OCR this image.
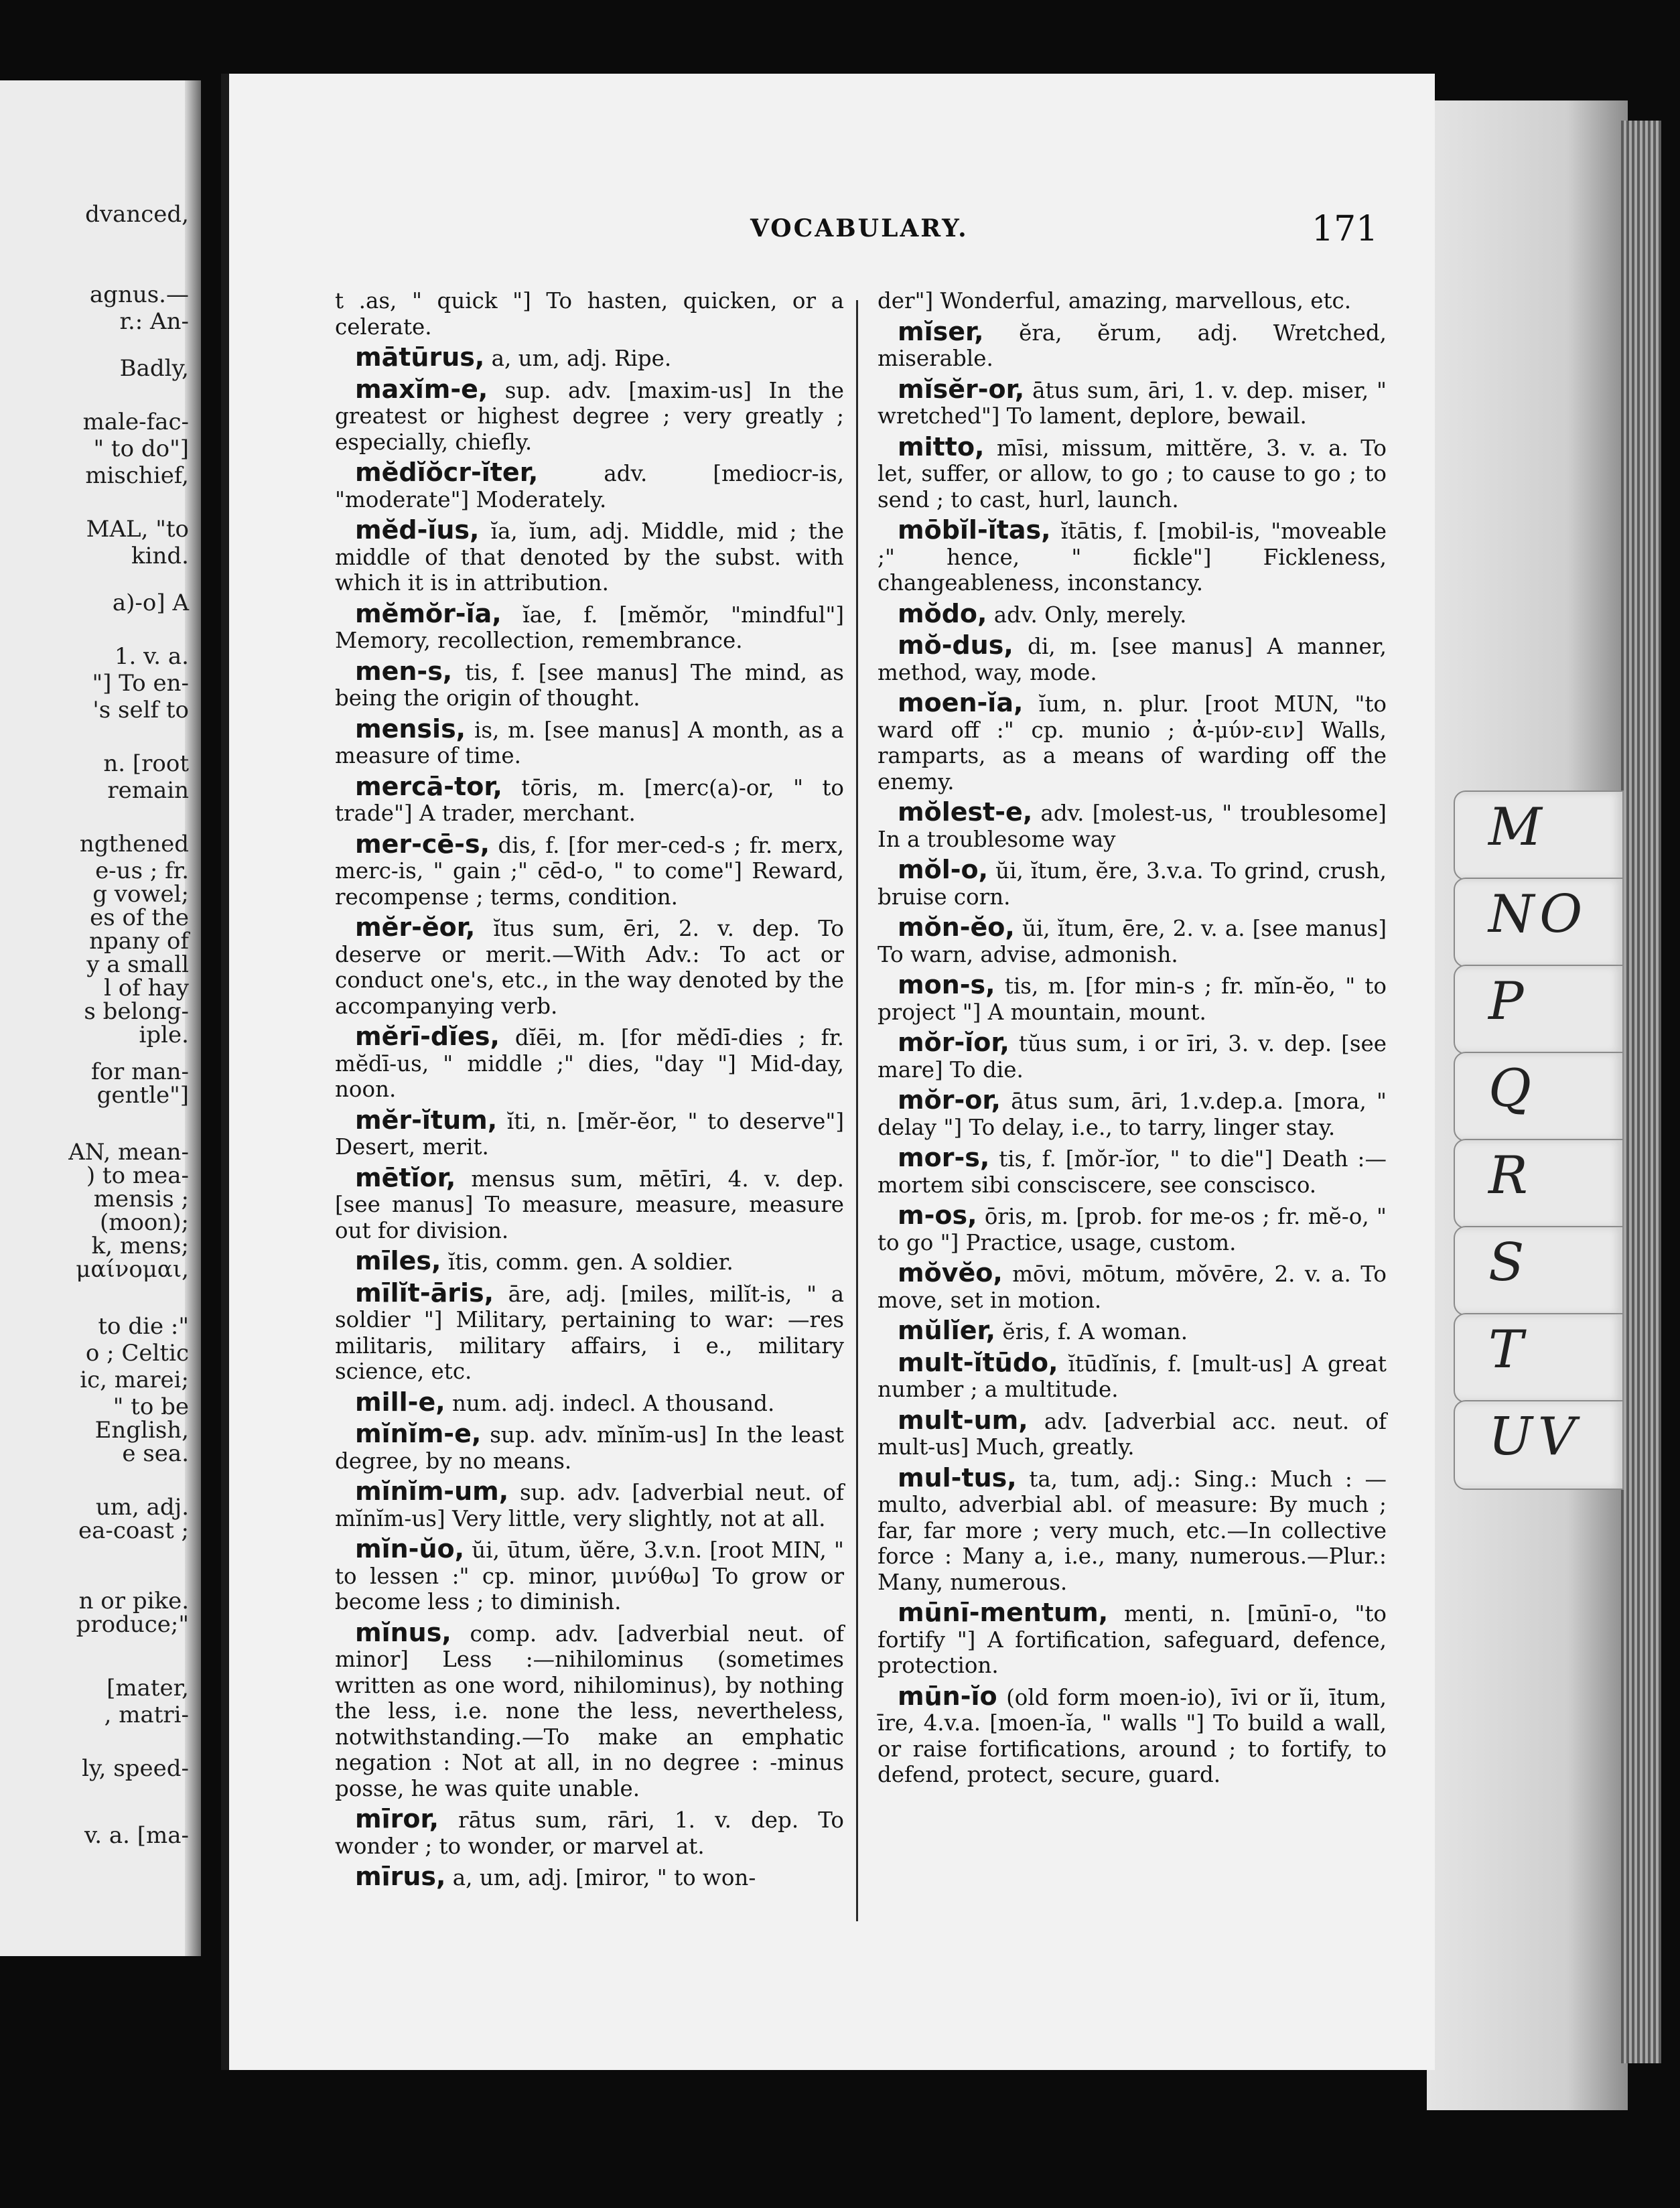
dvanced,
agnus.—
r.: An-
Badly,
male-fac-
" to do"]
mischief,
MAL, "to
kind.
a)-o] A
1. v. a.
"] To en-
's self to
n. [root
remain
ngthened
e-us ; fr.
g vowel;
es of the
npany of
y a small
l of hay
s belong-
iple.
for man-
gentle"]
AN, mean-
) to mea-
mensis ;
(moon);
k, mens;
μαίνομαι,
to die :"
o ; Celtic
ic, marei;
" to be
English,
e sea.
um, adj.
ea-coast ;
n or pike.
produce;"
[mater,
, matri-
ly, speed-
v. a. [ma-
M
NO
P
Q
R
S
T
UV
VOCABULARY.	171
t .as, " quick "] To hasten, quicken, or a celerate.
mātūrus, a, um, adj. Ripe.
maxĭm-e, sup. adv. [maxim-us] In the greatest or highest degree ; very greatly ; especially, chiefly.
mĕdĭŏcr-ĭter, adv. [mediocr-is, "moderate"] Moderately.
mĕd-ĭus, ĭa, ĭum, adj. Middle, mid ; the middle of that denoted by the subst. with which it is in attribution.
mĕmŏr-ĭa, ĭae, f. [mĕmŏr, "mindful"] Memory, recollection, remembrance.
men-s, tis, f. [see manus] The mind, as being the origin of thought.
mensis, is, m. [see manus] A month, as a measure of time.
mercā-tor, tōris, m. [merc(a)-or, " to trade"] A trader, merchant.
mer-cē-s, dis, f. [for mer-ced-s ; fr. merx, merc-is, " gain ;" cēd-o, " to come"] Reward, recompense ; terms, condition.
mĕr-ĕor, ĭtus sum, ēri, 2. v. dep. To deserve or merit.—With Adv.: To act or conduct one's, etc., in the way denoted by the accompanying verb.
mĕrī-dĭes, dĭēi, m. [for mĕdī-dies ; fr. mĕdī-us, " middle ;" dies, "day "] Mid-day, noon.
mĕr-ĭtum, ĭti, n. [mĕr-ĕor, " to deserve"] Desert, merit.
mētĭor, mensus sum, mētīri, 4. v. dep. [see manus] To measure, measure, measure out for division.
mīles, ĭtis, comm. gen. A soldier.
mīlĭt-āris, āre, adj. [miles, milĭt-is, " a soldier "] Military, pertaining to war: —res militaris, military affairs, i e., military science, etc.
mill-e, num. adj. indecl. A thousand.
mĭnĭm-e, sup. adv. mĭnĭm-us] In the least degree, by no means.
mĭnĭm-um, sup. adv. [adverbial neut. of mĭnĭm-us] Very little, very slightly, not at all.
mĭn-ŭo, ŭi, ūtum, ŭĕre, 3.v.n. [root MIN, " to lessen :" cp. minor, μινύθω] To grow or become less ; to diminish.
mĭnus, comp. adv. [adverbial neut. of minor] Less :—nihilominus (sometimes written as one word, nihilominus), by nothing the less, i.e. none the less, nevertheless, notwithstanding.—To make an emphatic negation : Not at all, in no degree : -minus posse, he was quite unable.
mīror, rātus sum, rāri, 1. v. dep. To wonder ; to wonder, or marvel at.
mīrus, a, um, adj. [miror, " to won-
der"] Wonderful, amazing, marvellous, etc.
mĭser, ĕra, ĕrum, adj. Wretched, miserable.
mĭsĕr-or, ātus sum, āri, 1. v. dep. miser, " wretched"] To lament, deplore, bewail.
mitto, mīsi, missum, mittĕre, 3. v. a. To let, suffer, or allow, to go ; to cause to go ; to send ; to cast, hurl, launch.
mōbĭl-ĭtas, ĭtātis, f. [mobil-is, "moveable ;" hence, " fickle"] Fickleness, changeableness, inconstancy.
mŏdo, adv. Only, merely.
mŏ-dus, di, m. [see manus] A manner, method, way, mode.
moen-ĭa, ĭum, n. plur. [root MUN, "to ward off :" cp. munio ; ἀ-μύν-ειν] Walls, ramparts, as a means of warding off the enemy.
mŏlest-e, adv. [molest-us, " troublesome] In a troublesome way
mŏl-o, ŭi, ĭtum, ĕre, 3.v.a. To grind, crush, bruise corn.
mŏn-ĕo, ŭi, ĭtum, ēre, 2. v. a. [see manus] To warn, advise, admonish.
mon-s, tis, m. [for min-s ; fr. mĭn-ĕo, " to project "] A mountain, mount.
mŏr-ĭor, tŭus sum, i or īri, 3. v. dep. [see mare] To die.
mŏr-or, ātus sum, āri, 1.v.dep.a. [mora, " delay "] To delay, i.e., to tarry, linger stay.
mor-s, tis, f. [mŏr-ĭor, " to die"] Death :—mortem sibi consciscere, see conscisco.
m-os, ōris, m. [prob. for me-os ; fr. mĕ-o, " to go "] Practice, usage, custom.
mŏvĕo, mōvi, mōtum, mŏvēre, 2. v. a. To move, set in motion.
mŭlĭer, ĕris, f. A woman.
mult-ĭtūdo, ĭtūdĭnis, f. [mult-us] A great number ; a multitude.
mult-um, adv. [adverbial acc. neut. of mult-us] Much, greatly.
mul-tus, ta, tum, adj.: Sing.: Much : —multo, adverbial abl. of measure: By much ; far, far more ; very much, etc.—In collective force : Many a, i.e., many, numerous.—Plur.: Many, numerous.
mūnī-mentum, menti, n. [mūnī-o, "to fortify "] A fortification, safeguard, defence, protection.
mūn-ĭo (old form moen-io), īvi or ĭi, ītum, īre, 4.v.a. [moen-ĭa, " walls "] To build a wall, or raise fortifications, around ; to fortify, to defend, protect, secure, guard.
